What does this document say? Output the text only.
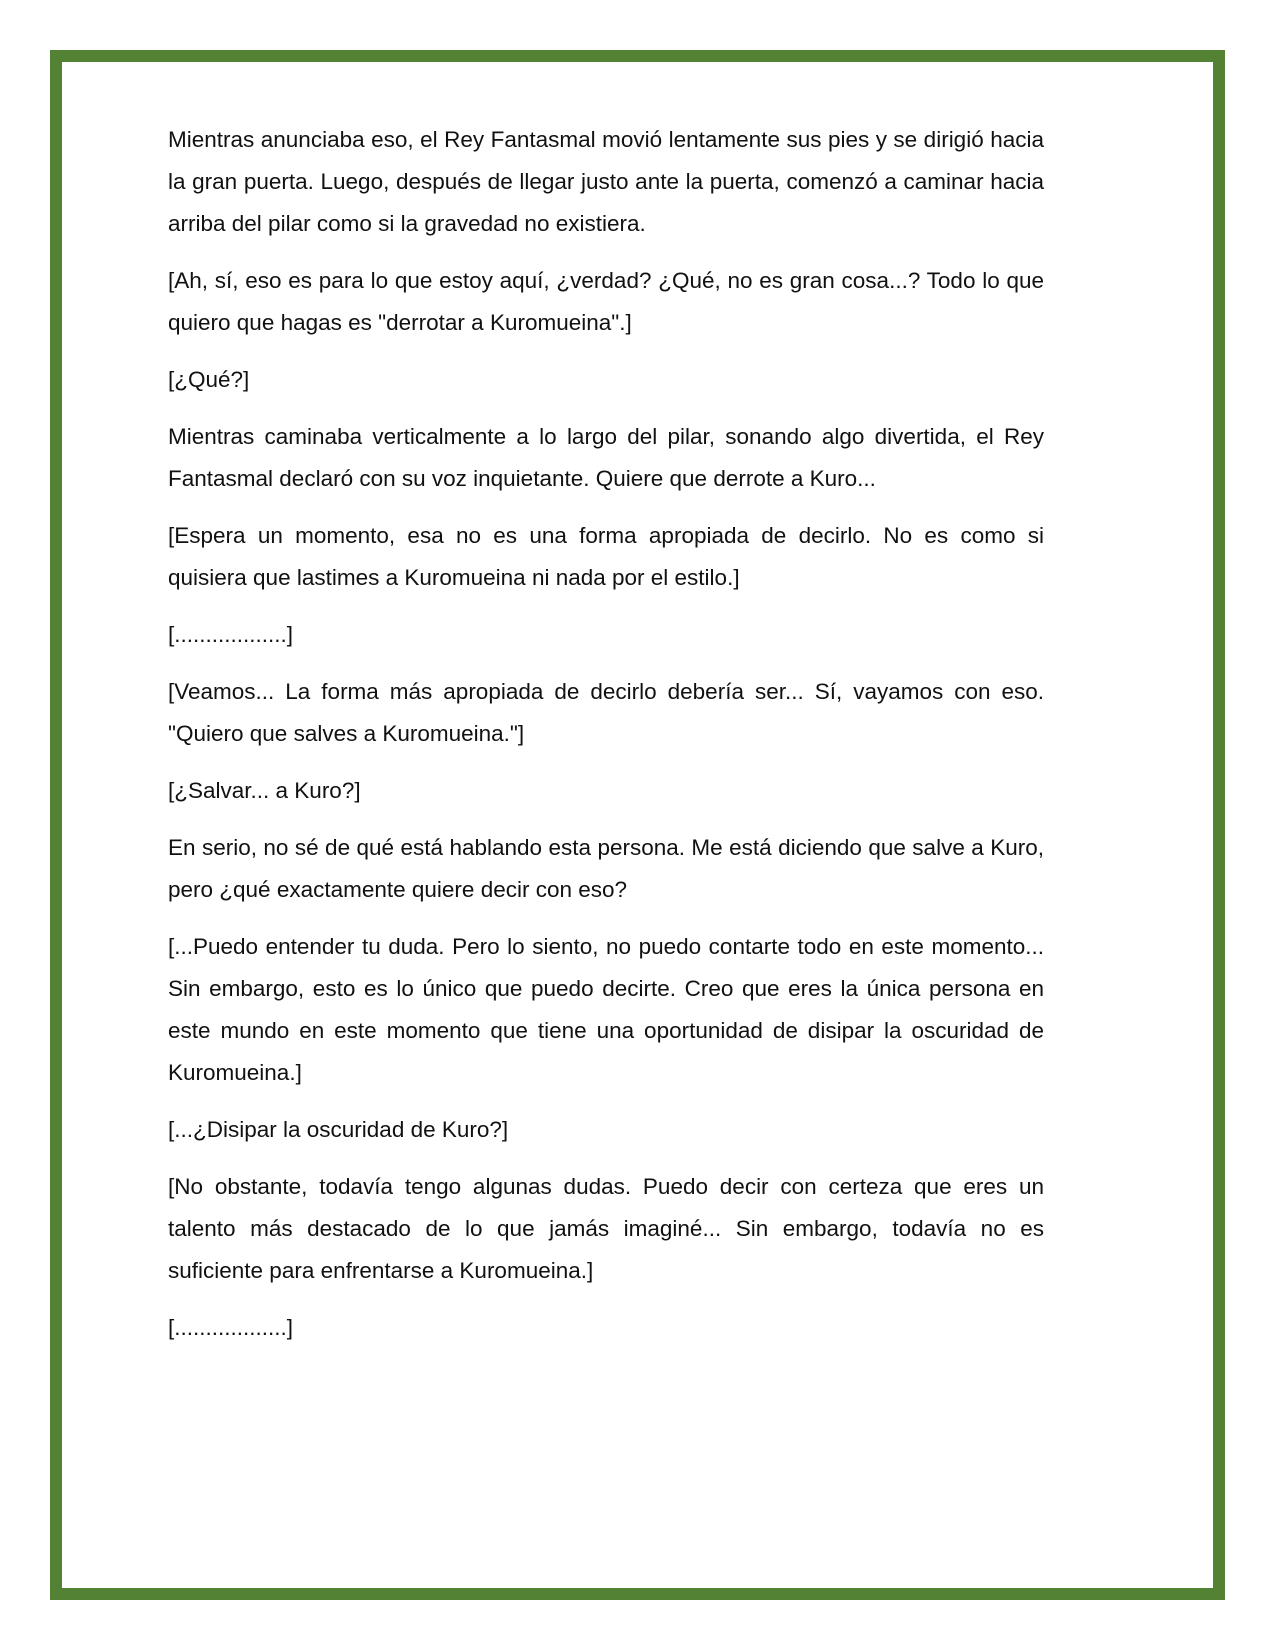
Mientras anunciaba eso, el Rey Fantasmal movió lentamente sus pies y se dirigió hacia la gran puerta. Luego, después de llegar justo ante la puerta, comenzó a caminar hacia arriba del pilar como si la gravedad no existiera.

[Ah, sí, eso es para lo que estoy aquí, ¿verdad? ¿Qué, no es gran cosa...? Todo lo que quiero que hagas es "derrotar a Kuromueina".]

[¿Qué?]

Mientras caminaba verticalmente a lo largo del pilar, sonando algo divertida, el Rey Fantasmal declaró con su voz inquietante. Quiere que derrote a Kuro...

[Espera un momento, esa no es una forma apropiada de decirlo. No es como si quisiera que lastimes a Kuromueina ni nada por el estilo.]

[..................]

[Veamos... La forma más apropiada de decirlo debería ser... Sí, vayamos con eso. "Quiero que salves a Kuromueina."]

[¿Salvar... a Kuro?]

En serio, no sé de qué está hablando esta persona. Me está diciendo que salve a Kuro, pero ¿qué exactamente quiere decir con eso?

[...Puedo entender tu duda. Pero lo siento, no puedo contarte todo en este momento... Sin embargo, esto es lo único que puedo decirte. Creo que eres la única persona en este mundo en este momento que tiene una oportunidad de disipar la oscuridad de Kuromueina.]

[...¿Disipar la oscuridad de Kuro?]

[No obstante, todavía tengo algunas dudas. Puedo decir con certeza que eres un talento más destacado de lo que jamás imaginé... Sin embargo, todavía no es suficiente para enfrentarse a Kuromueina.]

[..................]
